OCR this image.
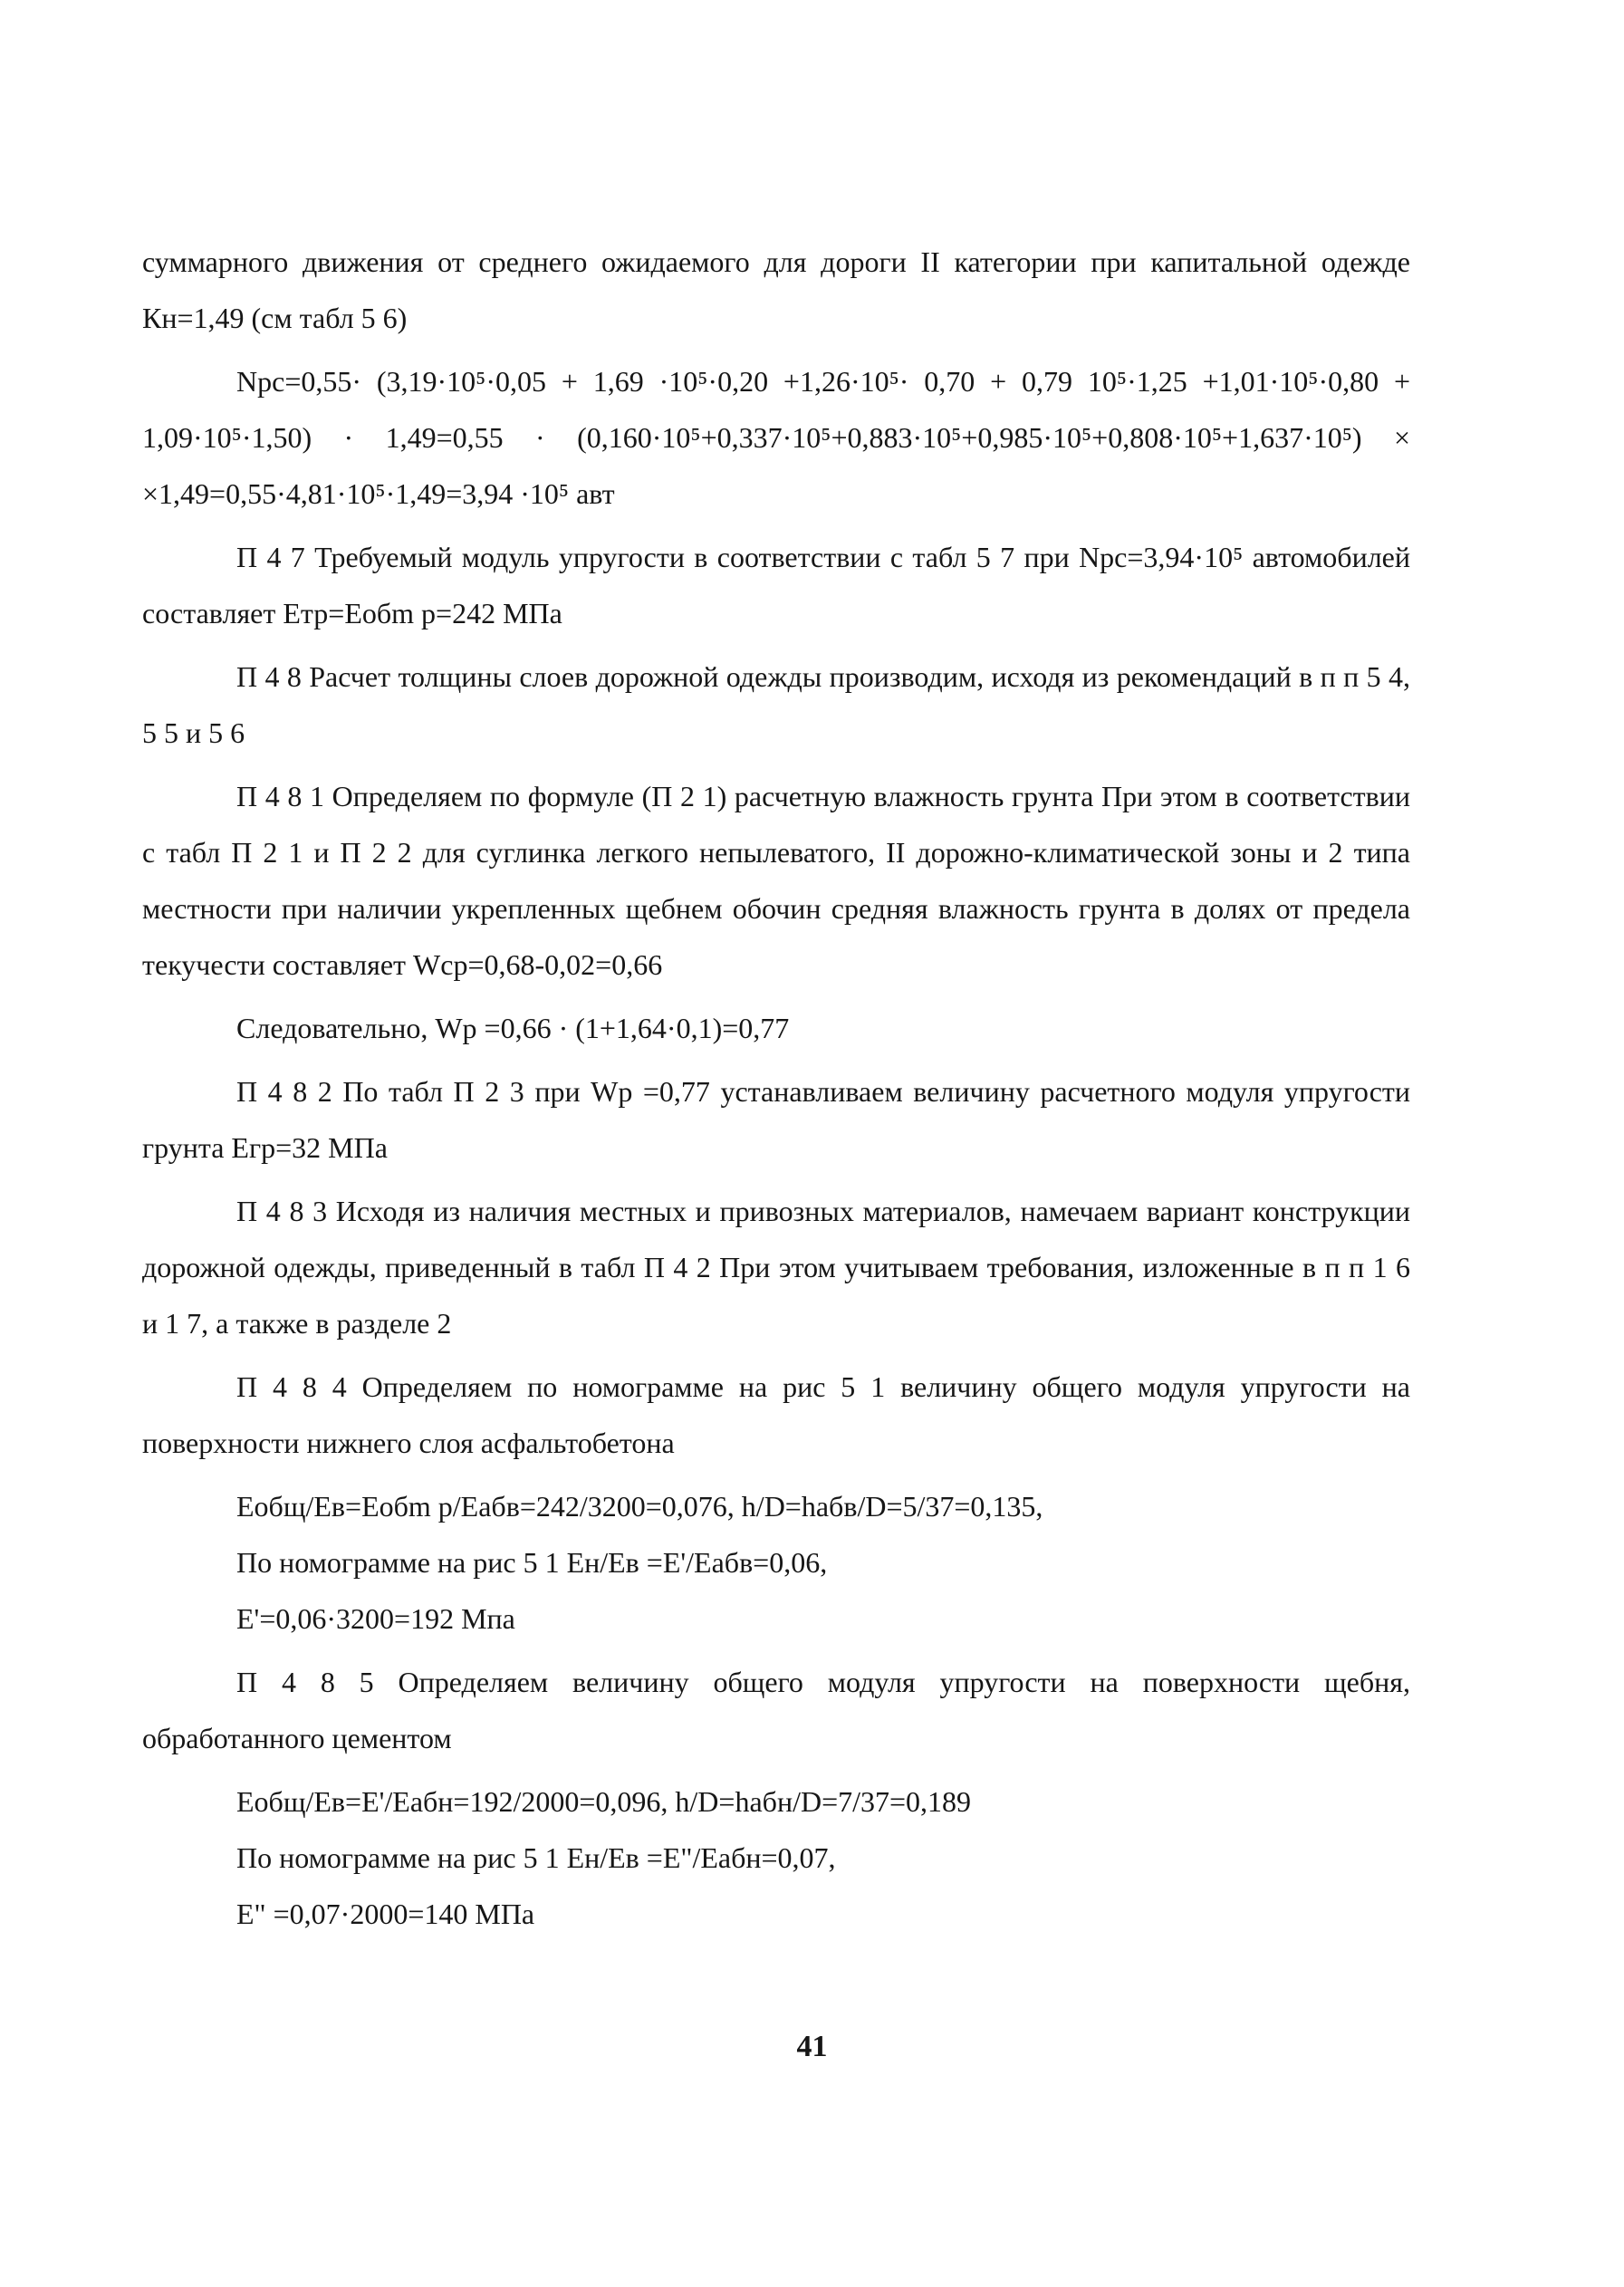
суммарного движения от среднего ожидаемого для дороги II категории при капитальной одежде Кн=1,49 (см табл 5 6)

Npc=0,55· (3,19·10⁵·0,05 + 1,69 ·10⁵·0,20 +1,26·10⁵· 0,70 + 0,79 10⁵·1,25 +1,01·10⁵·0,80 + 1,09·10⁵·1,50) · 1,49=0,55 · (0,160·10⁵+0,337·10⁵+0,883·10⁵+0,985·10⁵+0,808·10⁵+1,637·10⁵) × ×1,49=0,55·4,81·10⁵·1,49=3,94 ·10⁵ авт

П 4 7 Требуемый модуль упругости в соответствии с табл 5 7 при Npc=3,94·10⁵ автомобилей составляет Етр=Еобm р=242 МПа

П 4 8 Расчет толщины слоев дорожной одежды производим, исходя из рекомендаций в п п 5 4, 5 5 и 5 6

П 4 8 1 Определяем по формуле (П 2 1) расчетную влажность грунта При этом в соответствии с табл П 2 1 и П 2 2 для суглинка легкого непылеватого, II дорожно-климатической зоны и 2 типа местности при наличии укрепленных щебнем обочин средняя влажность грунта в долях от предела текучести составляет Wср=0,68-0,02=0,66

Следовательно, Wр =0,66 · (1+1,64·0,1)=0,77

П 4 8 2 По табл П 2 3 при Wр =0,77 устанавливаем величину расчетного модуля упругости грунта Егр=32 МПа

П 4 8 3 Исходя из наличия местных и привозных материалов, намечаем вариант конструкции дорожной одежды, приведенный в табл П 4 2 При этом учитываем требования, изложенные в п п 1 6 и 1 7, а также в разделе 2

П 4 8 4 Определяем по номограмме на рис 5 1 величину общего модуля упругости на поверхности нижнего слоя асфальтобетона

Еобщ/Ев=Еобm р/Еабв=242/3200=0,076, h/D=hабв/D=5/37=0,135,

По номограмме на рис 5 1 Ен/Ев =Е'/Еабв=0,06,

Е'=0,06·3200=192 Мпа

П 4 8 5 Определяем величину общего модуля упругости на поверхности щебня, обработанного цементом

Еобщ/Ев=Е'/Еабн=192/2000=0,096, h/D=hабн/D=7/37=0,189

По номограмме на рис 5 1 Ен/Ев =Е"/Еабн=0,07,

Е" =0,07·2000=140 МПа

41
